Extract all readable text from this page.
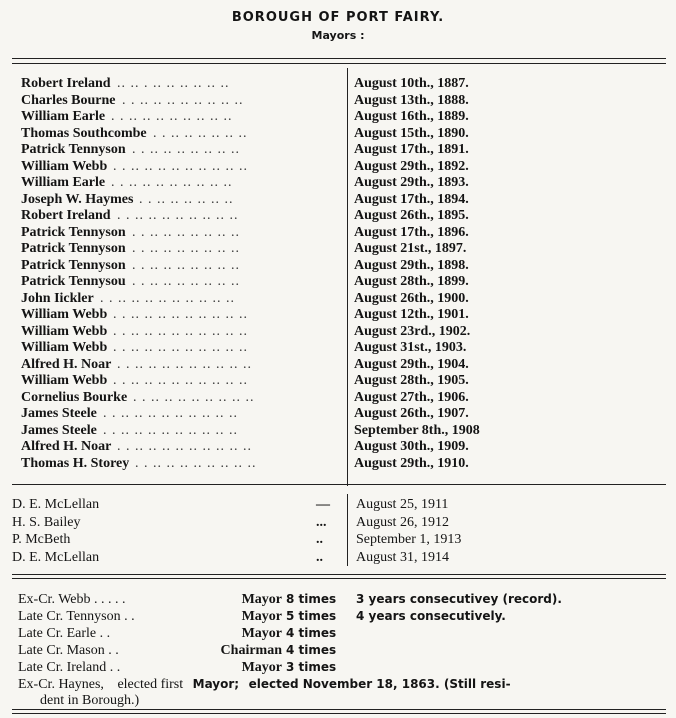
BOROUGH OF PORT FAIRY.
Mayors :
Robert Ireland .. .. . .. .. .. .. .. ..	August 10th., 1887.
Charles Bourne . . .. .. .. .. .. .. .. ..	August 13th., 1888.
William Earle . . .. .. .. .. .. .. .. ..	August 16th., 1889.
Thomas Southcombe . . .. .. .. .. .. ..	August 15th., 1890.
Patrick Tennyson . . .. .. .. .. .. .. ..	August 17th., 1891.
William Webb . . .. .. .. .. .. .. .. .. ..	August 29th., 1892.
William Earle . . .. .. .. .. .. .. .. ..	August 29th., 1893.
Joseph W. Haymes . . .. .. .. .. .. ..	August 17th., 1894.
Robert Ireland . . .. .. .. .. .. .. .. ..	August 26th., 1895.
Patrick Tennyson . . .. .. .. .. .. .. ..	August 17th., 1896.
Patrick Tennyson . . .. .. .. .. .. .. ..	August 21st., 1897.
Patrick Tennyson . . .. .. .. .. .. .. ..	August 29th., 1898.
Patrick Tennysou . . .. .. .. .. .. .. ..	August 28th., 1899.
John Iickler . . .. .. .. .. .. .. .. .. ..	August 26th., 1900.
William Webb . . .. .. .. .. .. .. .. .. ..	August 12th., 1901.
William Webb . . .. .. .. .. .. .. .. .. ..	August 23rd., 1902.
William Webb . . .. .. .. .. .. .. .. .. ..	August 31st., 1903.
Alfred H. Noar . . .. .. .. .. .. .. .. .. ..	August 29th., 1904.
William Webb . . .. .. .. .. .. .. .. .. ..	August 28th., 1905.
Cornelius Bourke . . .. .. .. .. .. .. .. ..	August 27th., 1906.
James Steele . . .. .. .. .. .. .. .. .. ..	August 26th., 1907.
James Steele . . .. .. .. .. .. .. .. .. ..	September 8th., 1908
Alfred H. Noar . . .. .. .. .. .. .. .. .. ..	August 30th., 1909.
Thomas H. Storey . . .. .. .. .. .. .. .. ..	August 29th., 1910.
D. E. McLellan	— August 25, 1911
H. S. Bailey	... August 26, 1912
P. McBeth	.. September 1, 1913
D. E. McLellan	.. August 31, 1914
Ex-Cr. Webb . . . . .	Mayor 8 times 3 years consecutivey (record).
Late Cr. Tennyson . .	Mayor 5 times 4 years consecutively.
Late Cr. Earle . .	Mayor 4 times
Late Cr. Mason . .	Chairman 4 times
Late Cr. Ireland . .	Mayor 3 times
Ex-Cr. Haynes, elected first Mayor; elected November 18, 1863. (Still resi-
dent in Borough.)
